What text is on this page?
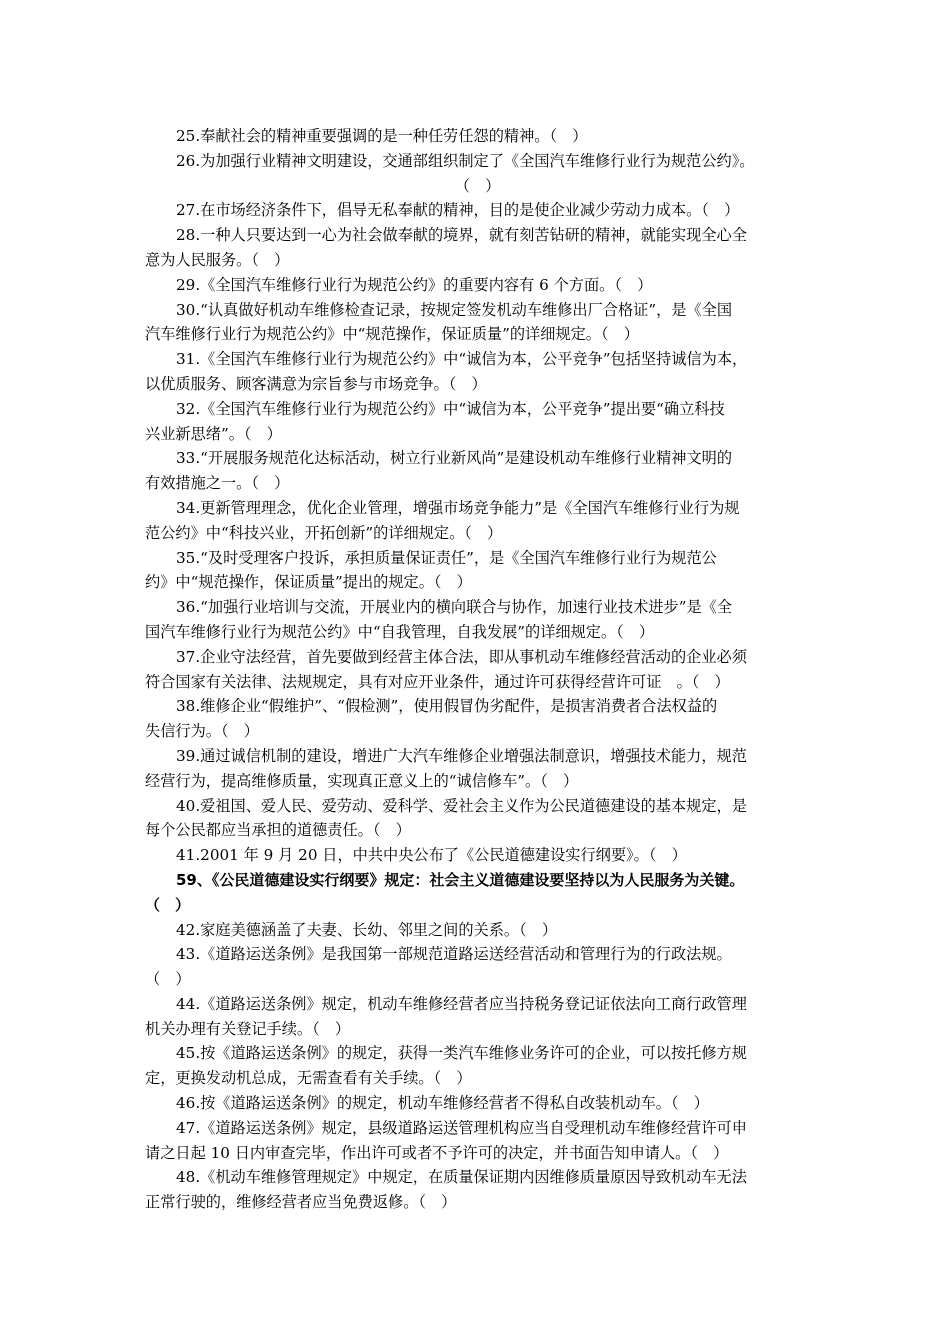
25.奉献社会的精神重要强调的是一种任劳任怨的精神。（　）

26.为加强行业精神文明建设，交通部组织制定了《全国汽车维修行业行为规范公约》。
（　）

27.在市场经济条件下，倡导无私奉献的精神，目的是使企业减少劳动力成本。（　）

28.一种人只要达到一心为社会做奉献的境界，就有刻苦钻研的精神，就能实现全心全
意为人民服务。（　）

29.《全国汽车维修行业行为规范公约》的重要内容有 6 个方面。（　）

30.“认真做好机动车维修检查记录，按规定签发机动车维修出厂合格证”，是《全国
汽车维修行业行为规范公约》中“规范操作，保证质量”的详细规定。（　）

31.《全国汽车维修行业行为规范公约》中“诚信为本，公平竞争”包括坚持诚信为本，
以优质服务、顾客满意为宗旨参与市场竞争。（　）

32.《全国汽车维修行业行为规范公约》中“诚信为本，公平竞争”提出要“确立科技
兴业新思绪”。（　）

33.“开展服务规范化达标活动，树立行业新风尚”是建设机动车维修行业精神文明的
有效措施之一。（　）

34.更新管理理念，优化企业管理，增强市场竞争能力”是《全国汽车维修行业行为规
范公约》中“科技兴业，开拓创新”的详细规定。（　）

35.“及时受理客户投诉，承担质量保证责任”，是《全国汽车维修行业行为规范公
约》中“规范操作，保证质量”提出的规定。（　）

36.“加强行业培训与交流，开展业内的横向联合与协作，加速行业技术进步”是《全
国汽车维修行业行为规范公约》中“自我管理，自我发展”的详细规定。（　）

37.企业守法经营，首先要做到经营主体合法，即从事机动车维修经营活动的企业必须
符合国家有关法律、法规规定，具有对应开业条件，通过许可获得经营许可证　。（　）

38.维修企业“假维护”、“假检测”，使用假冒伪劣配件，是损害消费者合法权益的
失信行为。（　）

39.通过诚信机制的建设，增进广大汽车维修企业增强法制意识，增强技术能力，规范
经营行为，提高维修质量，实现真正意义上的“诚信修车”。（　）

40.爱祖国、爱人民、爱劳动、爱科学、爱社会主义作为公民道德建设的基本规定，是
每个公民都应当承担的道德责任。（　）

41.2001 年 9 月 20 日，中共中央公布了《公民道德建设实行纲要》。（　）

59、《公民道德建设实行纲要》规定：社会主义道德建设要坚持以为人民服务为关键。
（　）

42.家庭美德涵盖了夫妻、长幼、邻里之间的关系。（　）

43.《道路运送条例》是我国第一部规范道路运送经营活动和管理行为的行政法规。
（　）

44.《道路运送条例》规定，机动车维修经营者应当持税务登记证依法向工商行政管理
机关办理有关登记手续。（　）

45.按《道路运送条例》的规定，获得一类汽车维修业务许可的企业，可以按托修方规
定，更换发动机总成，无需查看有关手续。（　）

46.按《道路运送条例》的规定，机动车维修经营者不得私自改装机动车。（　）

47.《道路运送条例》规定，县级道路运送管理机构应当自受理机动车维修经营许可申
请之日起 10 日内审查完毕，作出许可或者不予许可的决定，并书面告知申请人。（　）

48.《机动车维修管理规定》中规定，在质量保证期内因维修质量原因导致机动车无法
正常行驶的，维修经营者应当免费返修。（　）
